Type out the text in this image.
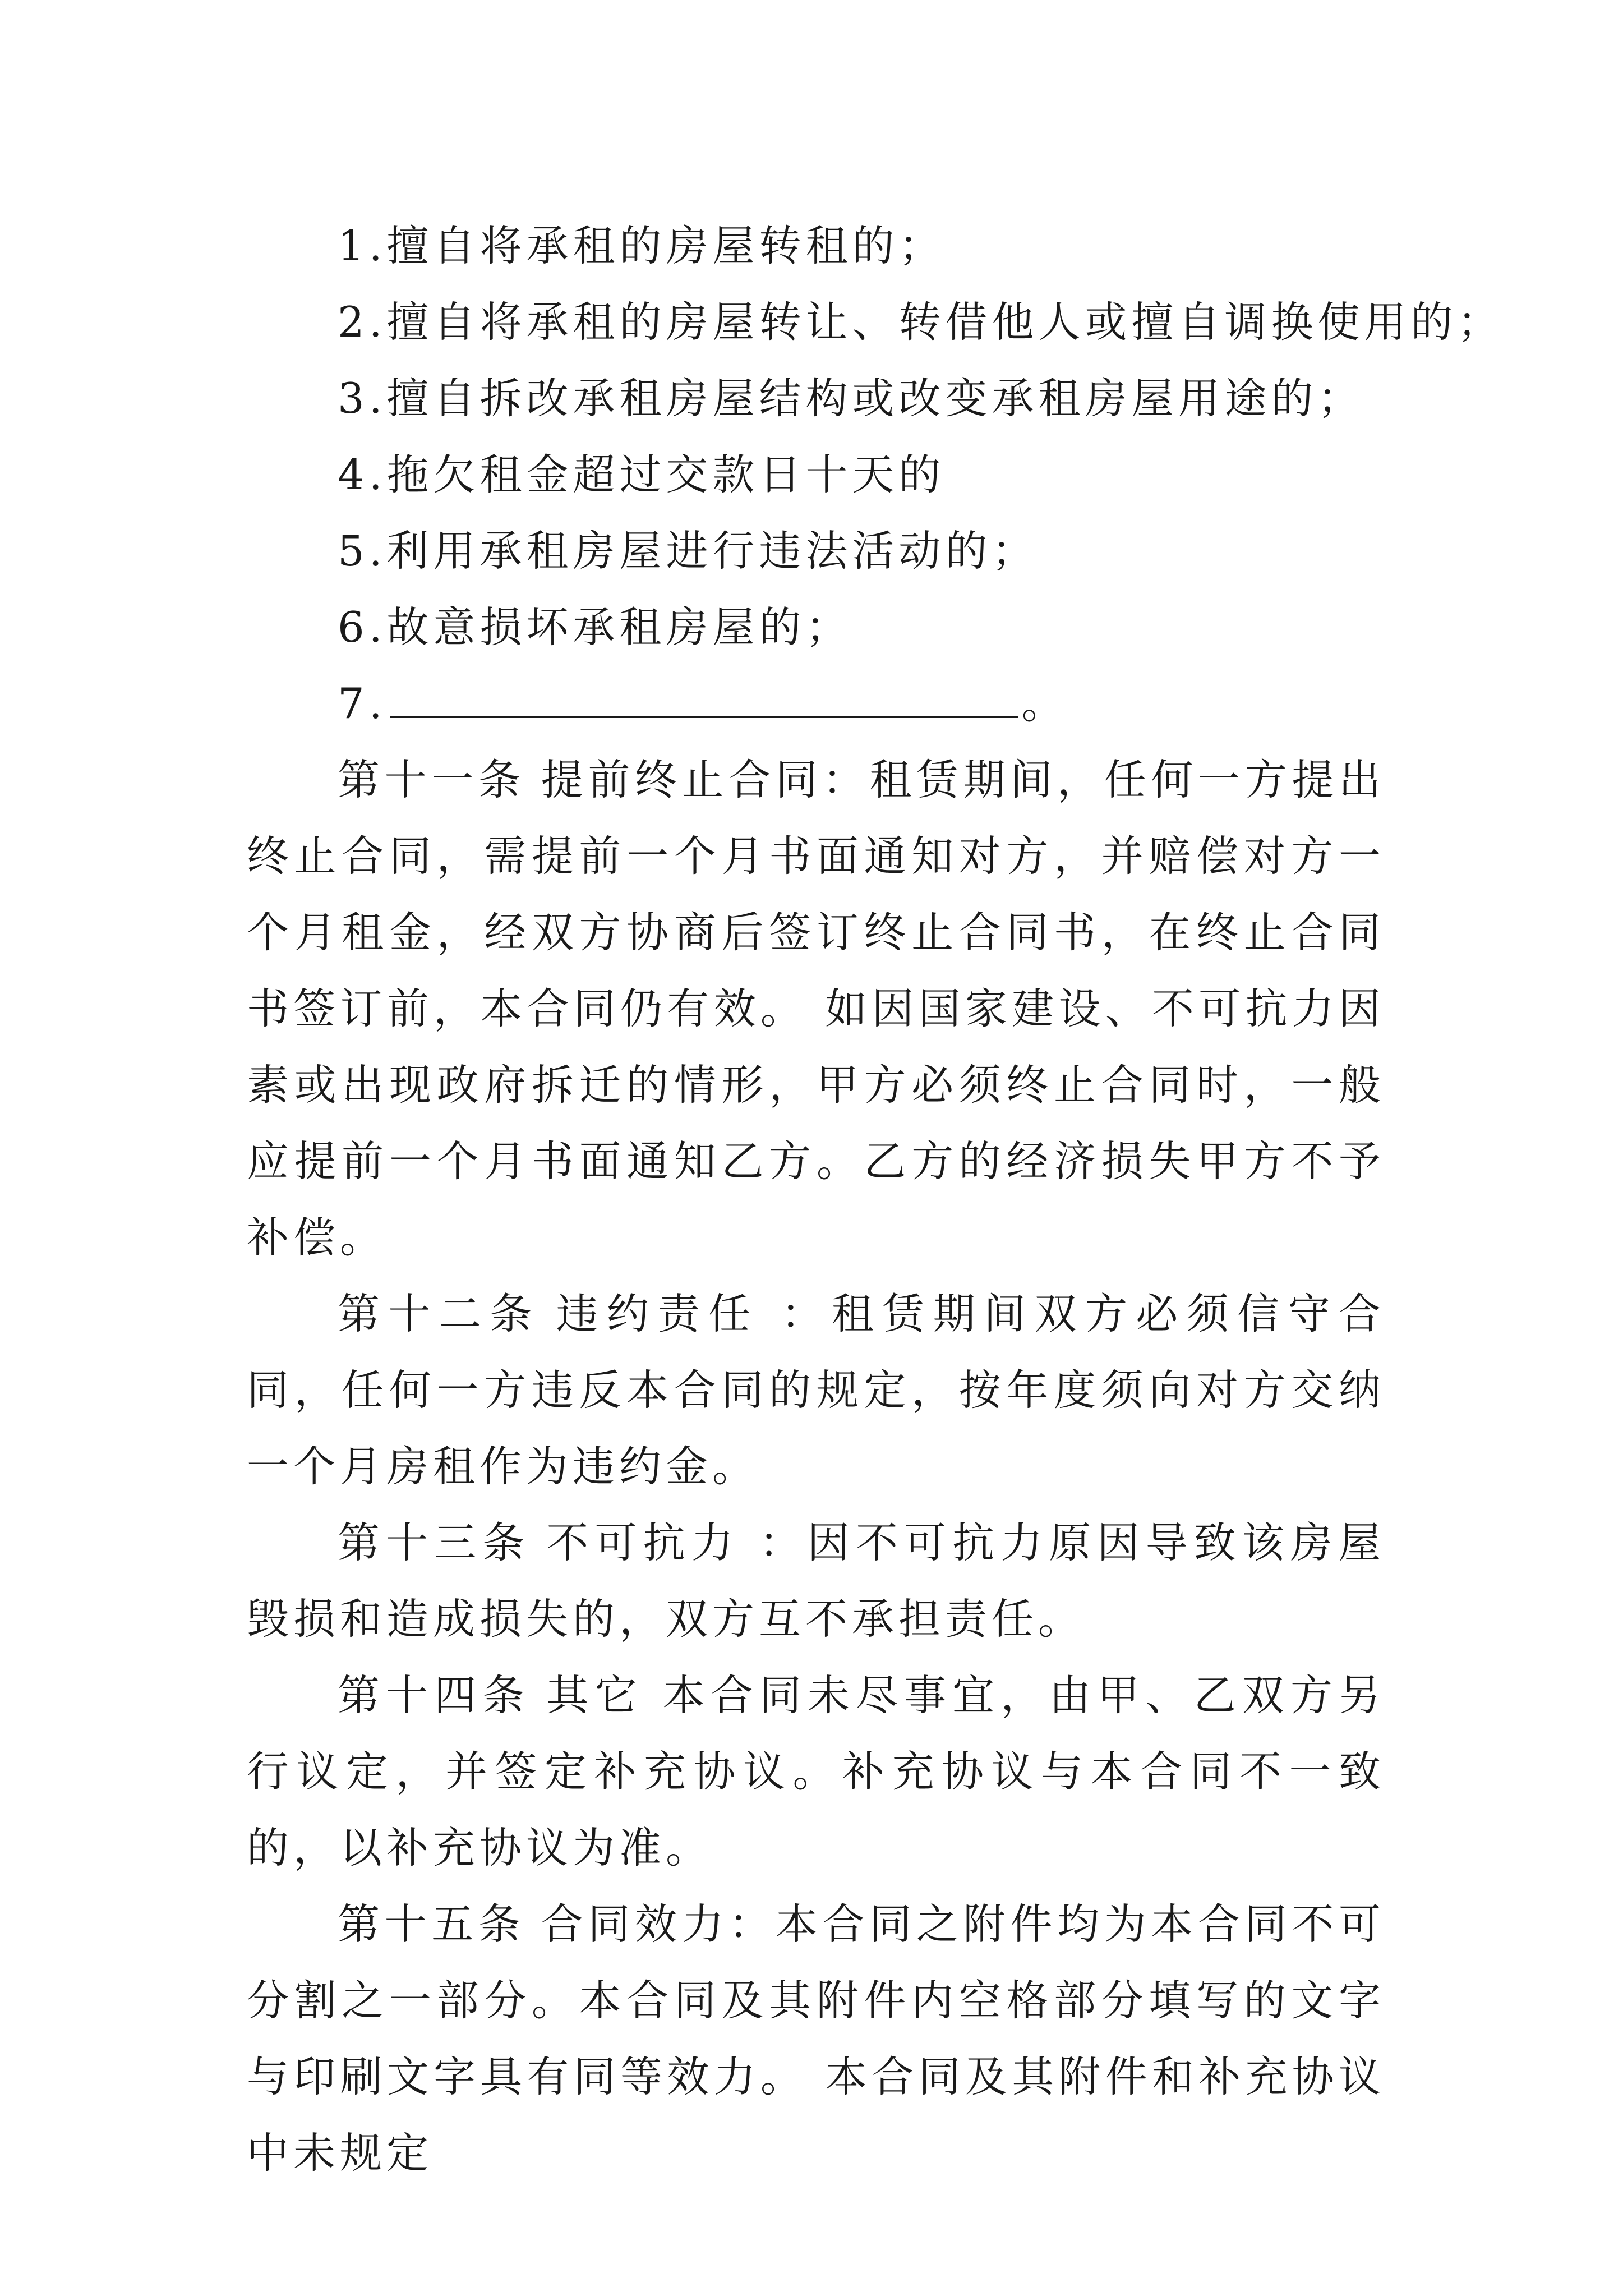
1.擅自将承租的房屋转租的；

2.擅自将承租的房屋转让、转借他人或擅自调换使用的；

3.擅自拆改承租房屋结构或改变承租房屋用途的；

4.拖欠租金超过交款日十天的

5.利用承租房屋进行违法活动的；

6.故意损坏承租房屋的；

7.	。

第十一条 提前终止合同：租赁期间，任何一方提出终止合同，需提前一个月书面通知对方，并赔偿对方一个月租金，经双方协商后签订终止合同书，在终止合同书签订前，本合同仍有效。 如因国家建设、不可抗力因素或出现政府拆迁的情形，甲方必须终止合同时，一般应提前一个月书面通知乙方。乙方的经济损失甲方不予补偿。

第十二条 违约责任 ：租赁期间双方必须信守合同，任何一方违反本合同的规定，按年度须向对方交纳一个月房租作为违约金。

第十三条 不可抗力 ：因不可抗力原因导致该房屋毁损和造成损失的，双方互不承担责任。

第十四条 其它 本合同未尽事宜，由甲、乙双方另行议定，并签定补充协议。补充协议与本合同不一致的，以补充协议为准。

第十五条 合同效力：本合同之附件均为本合同不可分割之一部分。本合同及其附件内空格部分填写的文字与印刷文字具有同等效力。 本合同及其附件和补充协议中未规定
